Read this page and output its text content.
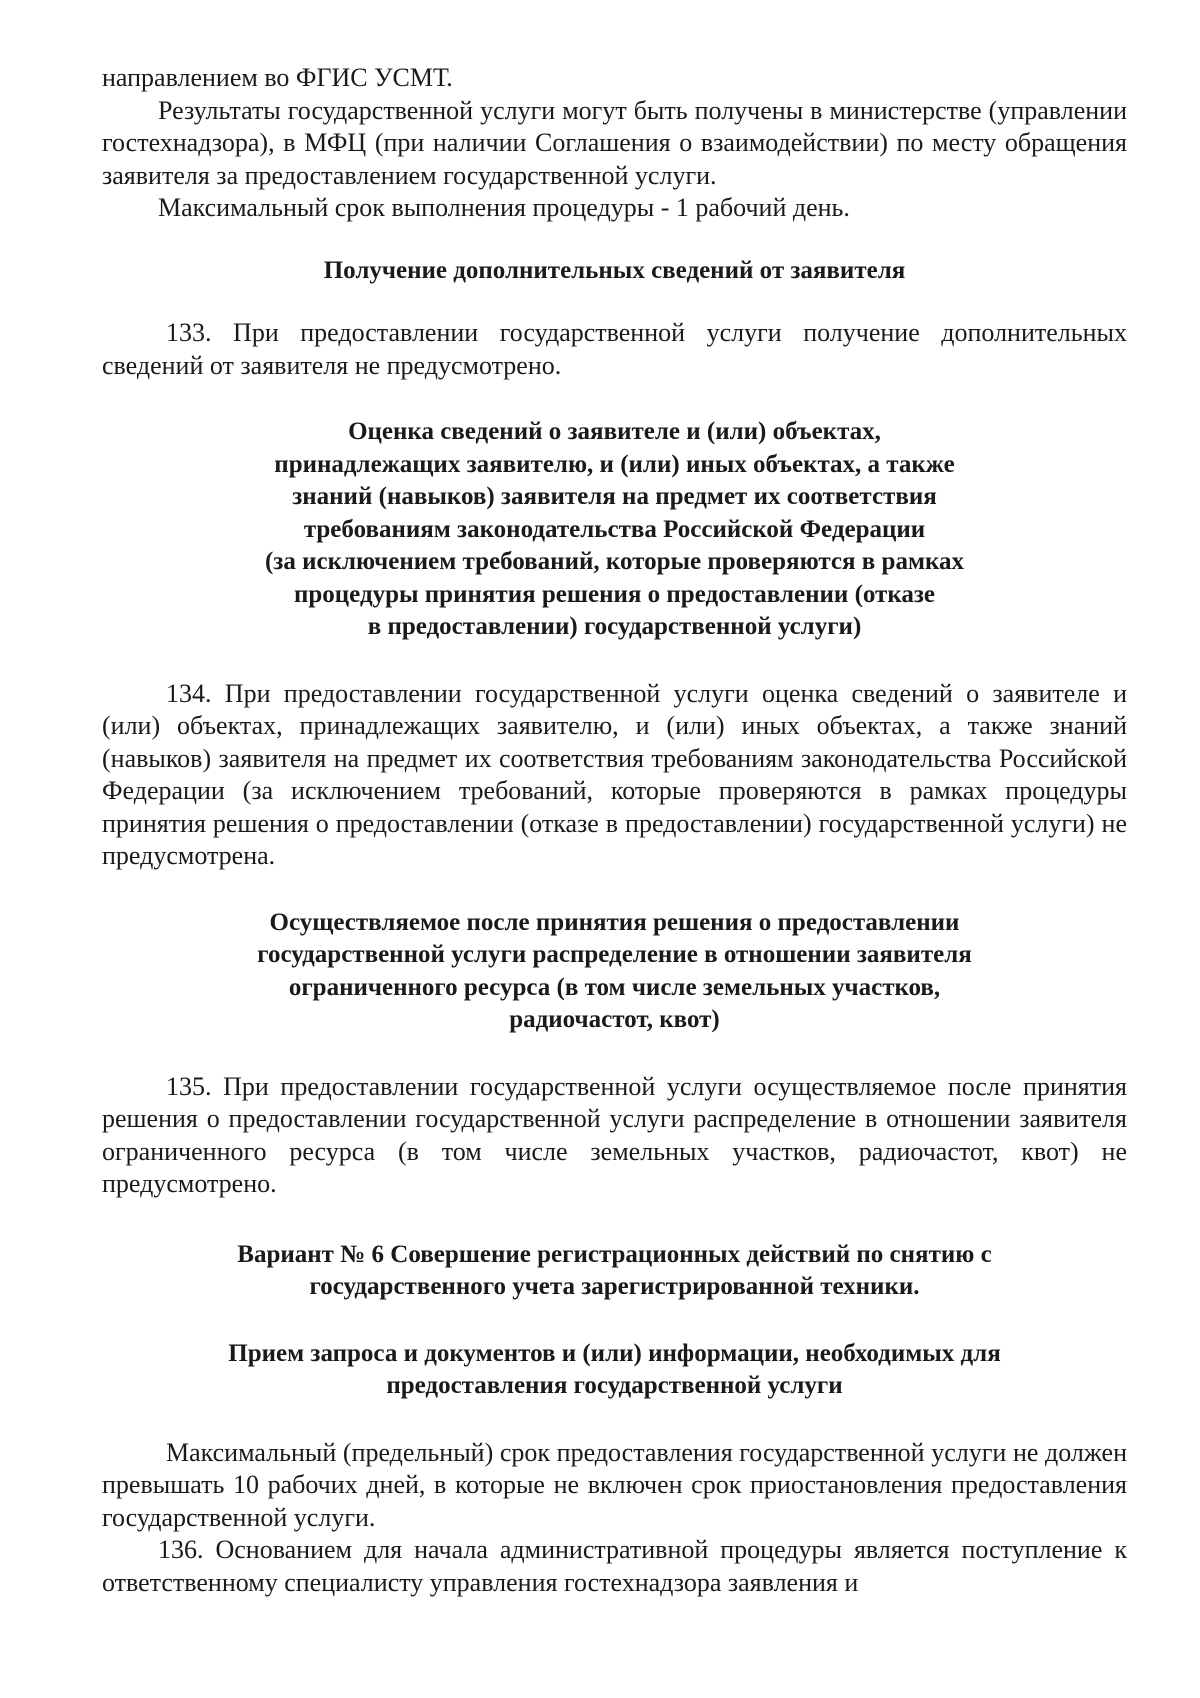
направлением во ФГИС УСМТ.

Результаты государственной услуги могут быть получены в министерстве (управлении гостехнадзора), в МФЦ (при наличии Соглашения о взаимодействии) по месту обращения заявителя за предоставлением государственной услуги.

Максимальный срок выполнения процедуры - 1 рабочий день.

Получение дополнительных сведений от заявителя

133. При предоставлении государственной услуги получение дополнительных сведений от заявителя не предусмотрено.

Оценка сведений о заявителе и (или) объектах,
принадлежащих заявителю, и (или) иных объектах, а также
знаний (навыков) заявителя на предмет их соответствия
требованиям законодательства Российской Федерации
(за исключением требований, которые проверяются в рамках
процедуры принятия решения о предоставлении (отказе
в предоставлении) государственной услуги)

134. При предоставлении государственной услуги оценка сведений о заявителе и (или) объектах, принадлежащих заявителю, и (или) иных объектах, а также знаний (навыков) заявителя на предмет их соответствия требованиям законодательства Российской Федерации (за исключением требований, которые проверяются в рамках процедуры принятия решения о предоставлении (отказе в предоставлении) государственной услуги) не предусмотрена.

Осуществляемое после принятия решения о предоставлении
государственной услуги распределение в отношении заявителя
ограниченного ресурса (в том числе земельных участков,
радиочастот, квот)

135. При предоставлении государственной услуги осуществляемое после принятия решения о предоставлении государственной услуги распределение в отношении заявителя ограниченного ресурса (в том числе земельных участков, радиочастот, квот) не предусмотрено.

Вариант № 6 Совершение регистрационных действий по снятию с
государственного учета зарегистрированной техники.
Прием запроса и документов и (или) информации, необходимых для
предоставления государственной услуги

Максимальный (предельный) срок предоставления государственной услуги не должен превышать 10 рабочих дней, в которые не включен срок приостановления предоставления государственной услуги.

136. Основанием для начала административной процедуры является поступление к ответственному специалисту управления гостехнадзора заявления и
